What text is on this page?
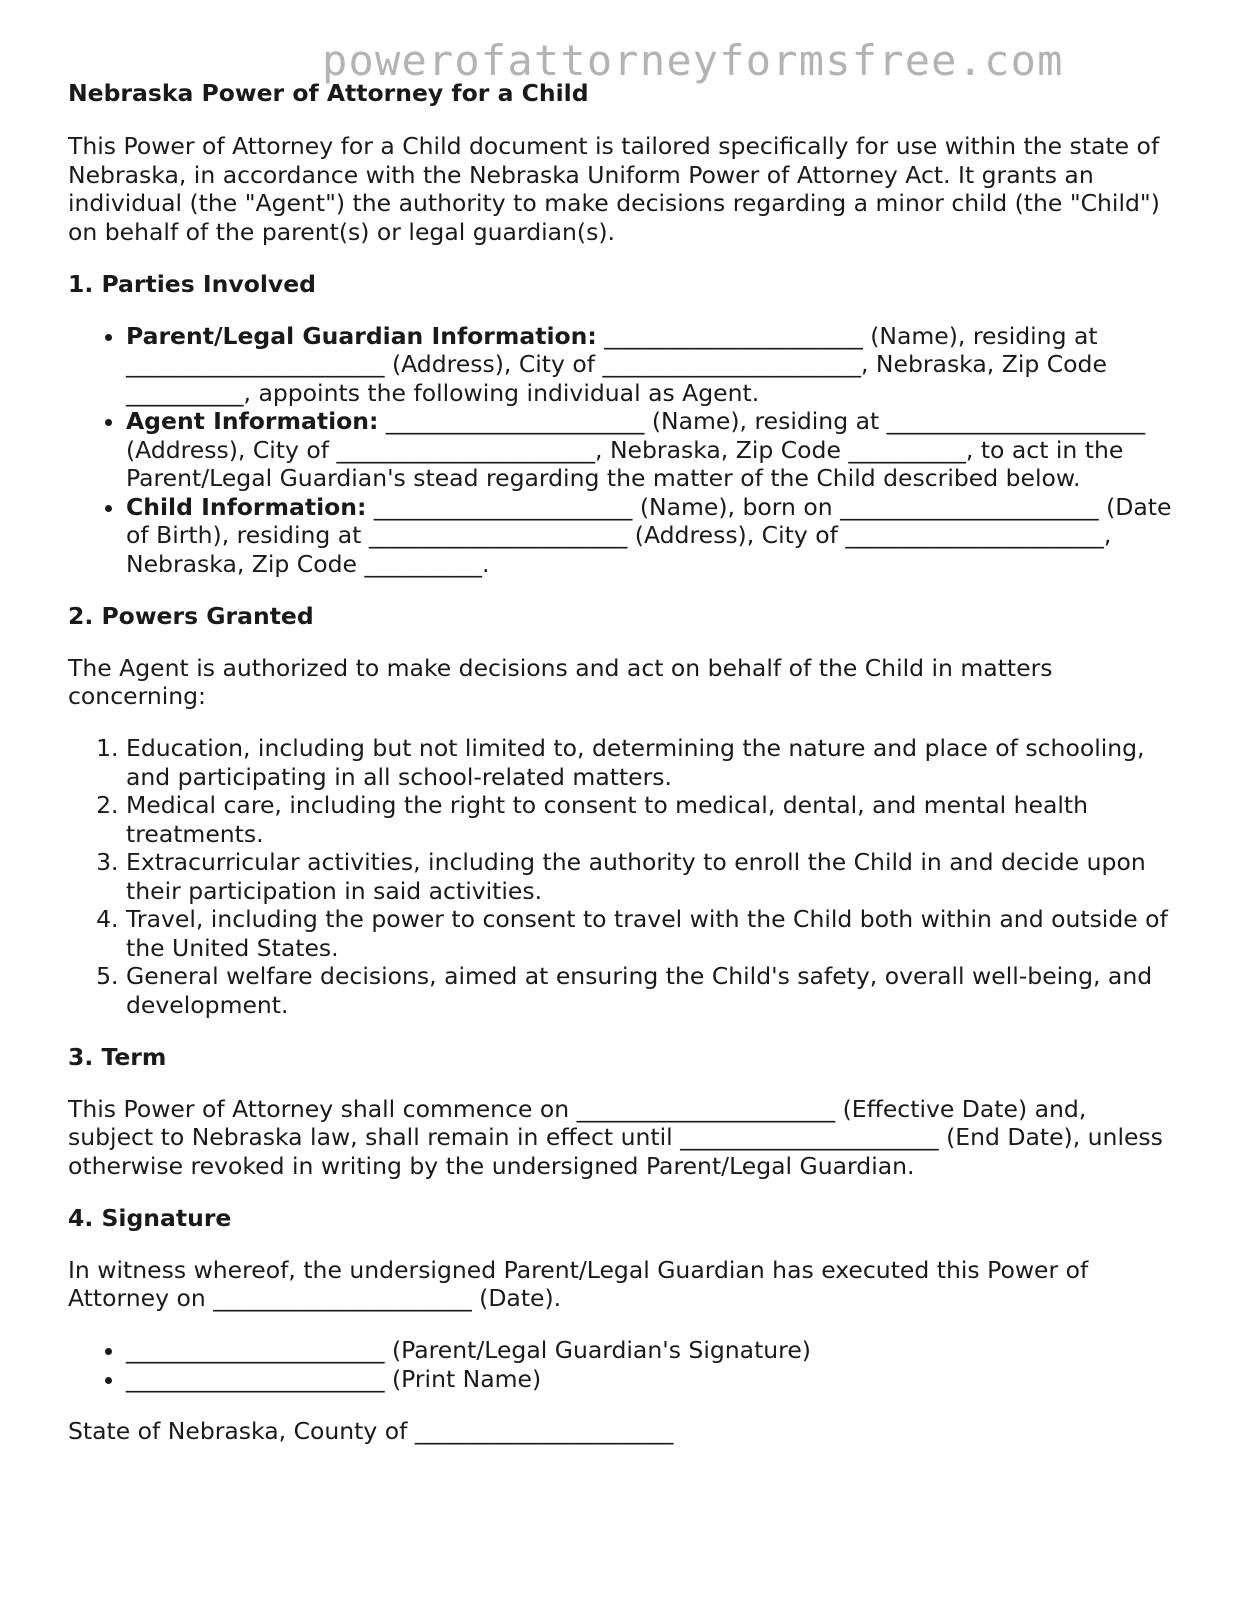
powerofattorneyformsfree.com
Nebraska Power of Attorney for a Child

This Power of Attorney for a Child document is tailored specifically for use within the state of Nebraska, in accordance with the Nebraska Uniform Power of Attorney Act. It grants an individual (the "Agent") the authority to make decisions regarding a minor child (the "Child") on behalf of the parent(s) or legal guardian(s).

1. Parties Involved
• Parent/Legal Guardian Information: ______________________ (Name), residing at ______________________ (Address), City of ______________________, Nebraska, Zip Code __________, appoints the following individual as Agent.
• Agent Information: ______________________ (Name), residing at ______________________ (Address), City of ______________________, Nebraska, Zip Code __________, to act in the Parent/Legal Guardian's stead regarding the matter of the Child described below.
• Child Information: ______________________ (Name), born on ______________________ (Date of Birth), residing at ______________________ (Address), City of ______________________, Nebraska, Zip Code __________.
2. Powers Granted

The Agent is authorized to make decisions and act on behalf of the Child in matters concerning:

1. Education, including but not limited to, determining the nature and place of schooling, and participating in all school-related matters.
2. Medical care, including the right to consent to medical, dental, and mental health treatments.
3. Extracurricular activities, including the authority to enroll the Child in and decide upon their participation in said activities.
4. Travel, including the power to consent to travel with the Child both within and outside of the United States.
5. General welfare decisions, aimed at ensuring the Child's safety, overall well-being, and development.
3. Term

This Power of Attorney shall commence on ______________________ (Effective Date) and, subject to Nebraska law, shall remain in effect until ______________________ (End Date), unless otherwise revoked in writing by the undersigned Parent/Legal Guardian.

4. Signature

In witness whereof, the undersigned Parent/Legal Guardian has executed this Power of Attorney on ______________________ (Date).

• ______________________ (Parent/Legal Guardian's Signature)
• ______________________ (Print Name)

State of Nebraska, County of ______________________
